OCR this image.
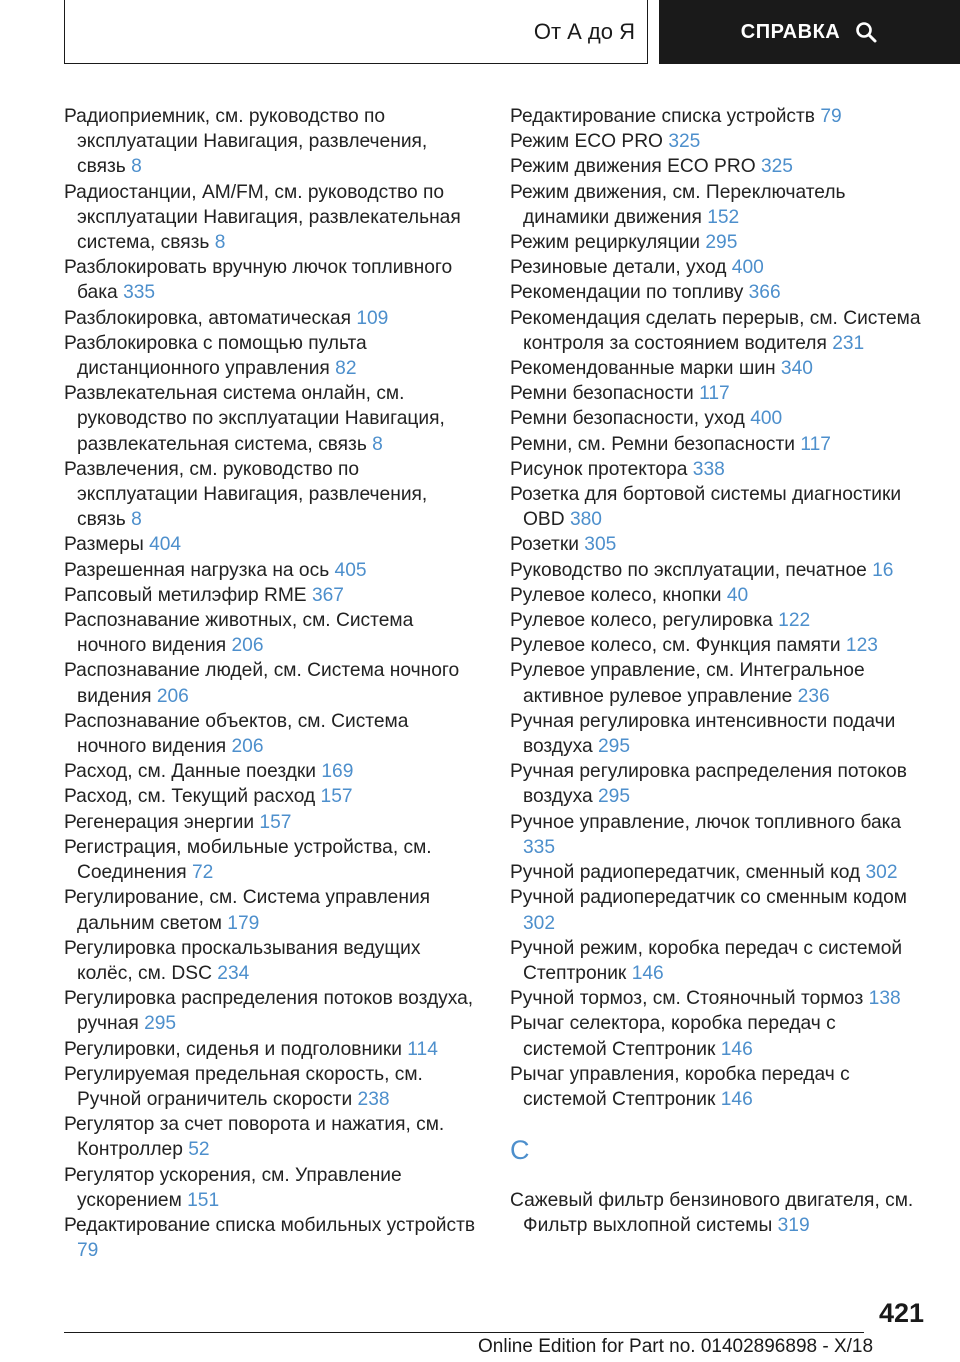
От А до Я	СПРАВКА

Радиоприемник, см. руководство по эксплуатации Навигация, развлечения, связь 8

Радиостанции, AM/FM, см. руководство по эксплуатации Навигация, развлекательная система, связь 8

Разблокировать вручную лючок топливного бака 335

Разблокировка, автоматическая 109

Разблокировка с помощью пульта дистанционного управления 82

Развлекательная система онлайн, см. руководство по эксплуатации Навигация, развлекательная система, связь 8

Развлечения, см. руководство по эксплуатации Навигация, развлечения, связь 8

Размеры 404

Разрешенная нагрузка на ось 405

Рапсовый метилэфир RME 367

Распознавание животных, см. Система ночного видения 206

Распознавание людей, см. Система ночного видения 206

Распознавание объектов, см. Система ночного видения 206

Расход, см. Данные поездки 169

Расход, см. Текущий расход 157

Регенерация энергии 157

Регистрация, мобильные устройства, см. Соединения 72

Регулирование, см. Система управления дальним светом 179

Регулировка проскальзывания ведущих колёс, см. DSC 234

Регулировка распределения потоков воздуха, ручная 295

Регулировки, сиденья и подголовники 114

Регулируемая предельная скорость, см. Ручной ограничитель скорости 238

Регулятор за счет поворота и нажатия, см. Контроллер 52

Регулятор ускорения, см. Управление ускорением 151

Редактирование списка мобильных устройств 79

Редактирование списка устройств 79

Режим ECO PRO 325

Режим движения ECO PRO 325

Режим движения, см. Переключатель динамики движения 152

Режим рециркуляции 295

Резиновые детали, уход 400

Рекомендации по топливу 366

Рекомендация сделать перерыв, см. Система контроля за состоянием водителя 231

Рекомендованные марки шин 340

Ремни безопасности 117

Ремни безопасности, уход 400

Ремни, см. Ремни безопасности 117

Рисунок протектора 338

Розетка для бортовой системы диагностики OBD 380

Розетки 305

Руководство по эксплуатации, печатное 16

Рулевое колесо, кнопки 40

Рулевое колесо, регулировка 122

Рулевое колесо, см. Функция памяти 123

Рулевое управление, см. Интегральное активное рулевое управление 236

Ручная регулировка интенсивности подачи воздуха 295

Ручная регулировка распределения потоков воздуха 295

Ручное управление, лючок топливного бака 335

Ручной радиопередатчик, сменный код 302

Ручной радиопередатчик со сменным кодом 302

Ручной режим, коробка передач с системой Стептроник 146

Ручной тормоз, см. Стояночный тормоз 138

Рычаг селектора, коробка передач с системой Стептроник 146

Рычаг управления, коробка передач с системой Стептроник 146

С

Сажевый фильтр бензинового двигателя, см. Фильтр выхлопной системы 319

421
Online Edition for Part no. 01402896898 - X/18
